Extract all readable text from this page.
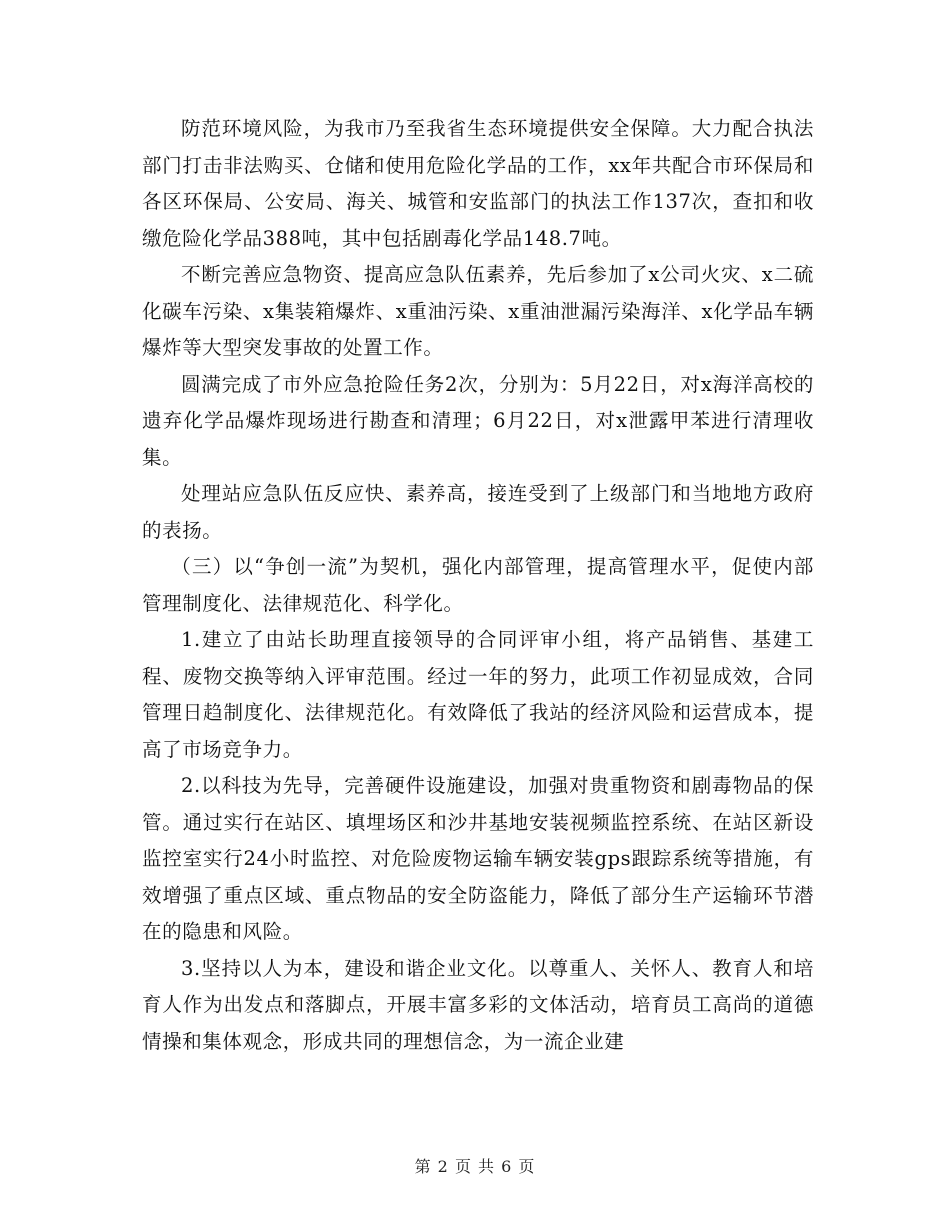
防范环境风险，为我市乃至我省生态环境提供安全保障。大力配合执法部门打击非法购买、仓储和使用危险化学品的工作，xx年共配合市环保局和各区环保局、公安局、海关、城管和安监部门的执法工作137次，查扣和收缴危险化学品388吨，其中包括剧毒化学品148.7吨。

不断完善应急物资、提高应急队伍素养，先后参加了x公司火灾、x二硫化碳车污染、x集装箱爆炸、x重油污染、x重油泄漏污染海洋、x化学品车辆爆炸等大型突发事故的处置工作。

圆满完成了市外应急抢险任务2次，分别为：5月22日，对x海洋高校的遗弃化学品爆炸现场进行勘查和清理；6月22日，对x泄露甲苯进行清理收集。

处理站应急队伍反应快、素养高，接连受到了上级部门和当地地方政府的表扬。

（三）以“争创一流”为契机，强化内部管理，提高管理水平，促使内部管理制度化、法律规范化、科学化。

1.建立了由站长助理直接领导的合同评审小组，将产品销售、基建工程、废物交换等纳入评审范围。经过一年的努力，此项工作初显成效，合同管理日趋制度化、法律规范化。有效降低了我站的经济风险和运营成本，提高了市场竞争力。

2.以科技为先导，完善硬件设施建设，加强对贵重物资和剧毒物品的保管。通过实行在站区、填埋场区和沙井基地安装视频监控系统、在站区新设监控室实行24小时监控、对危险废物运输车辆安装gps跟踪系统等措施，有效增强了重点区域、重点物品的安全防盗能力，降低了部分生产运输环节潜在的隐患和风险。

3.坚持以人为本，建设和谐企业文化。以尊重人、关怀人、教育人和培育人作为出发点和落脚点，开展丰富多彩的文体活动，培育员工高尚的道德情操和集体观念，形成共同的理想信念，为一流企业建

第 2 页 共 6 页
